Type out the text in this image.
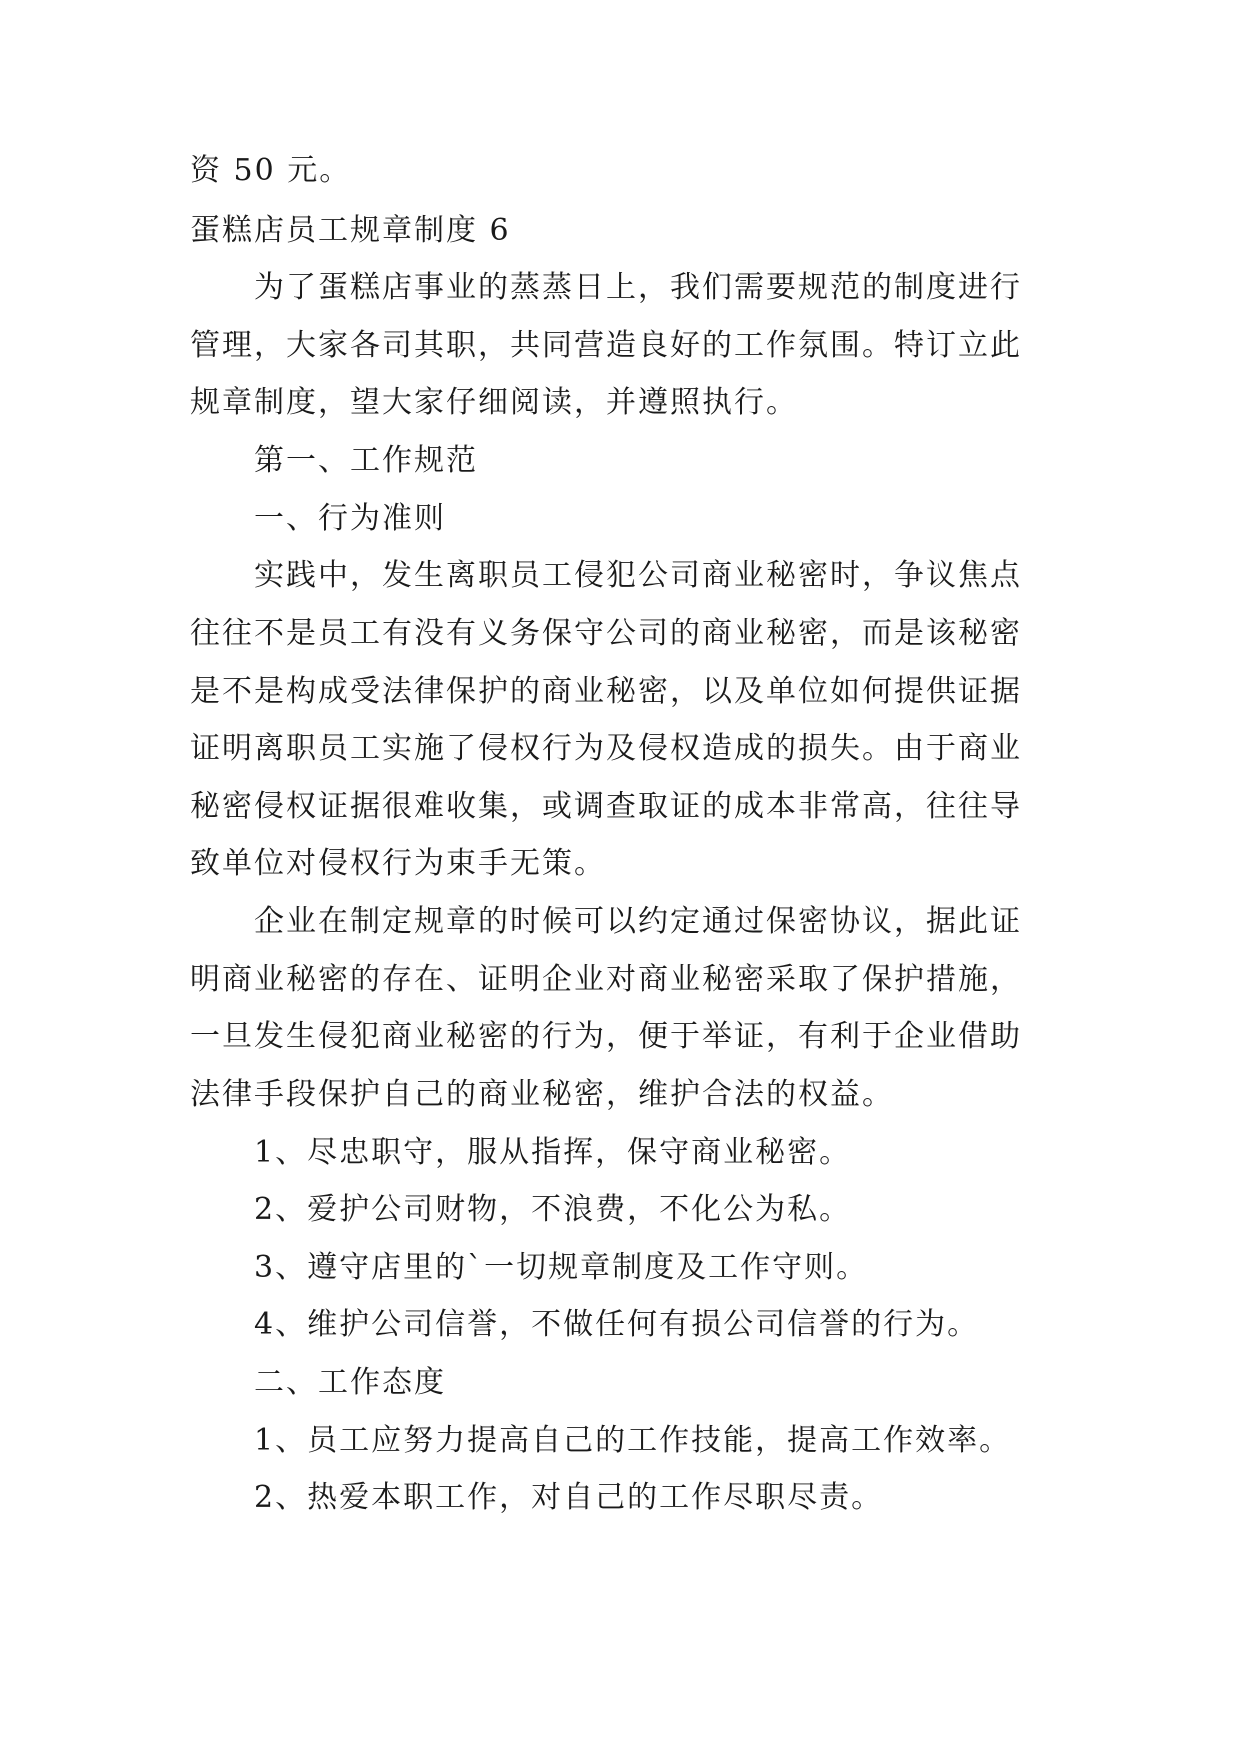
资 50 元。
蛋糕店员工规章制度 6
为了蛋糕店事业的蒸蒸日上，我们需要规范的制度进行
管理，大家各司其职，共同营造良好的工作氛围。特订立此
规章制度，望大家仔细阅读，并遵照执行。
第一、工作规范
一、行为准则
实践中，发生离职员工侵犯公司商业秘密时，争议焦点
往往不是员工有没有义务保守公司的商业秘密，而是该秘密
是不是构成受法律保护的商业秘密，以及单位如何提供证据
证明离职员工实施了侵权行为及侵权造成的损失。由于商业
秘密侵权证据很难收集，或调查取证的成本非常高，往往导
致单位对侵权行为束手无策。
企业在制定规章的时候可以约定通过保密协议，据此证
明商业秘密的存在、证明企业对商业秘密采取了保护措施，
一旦发生侵犯商业秘密的行为，便于举证，有利于企业借助
法律手段保护自己的商业秘密，维护合法的权益。
1、尽忠职守，服从指挥，保守商业秘密。
2、爱护公司财物，不浪费，不化公为私。
3、遵守店里的`一切规章制度及工作守则。
4、维护公司信誉，不做任何有损公司信誉的行为。
二、工作态度
1、员工应努力提高自己的工作技能，提高工作效率。
2、热爱本职工作，对自己的工作尽职尽责。
